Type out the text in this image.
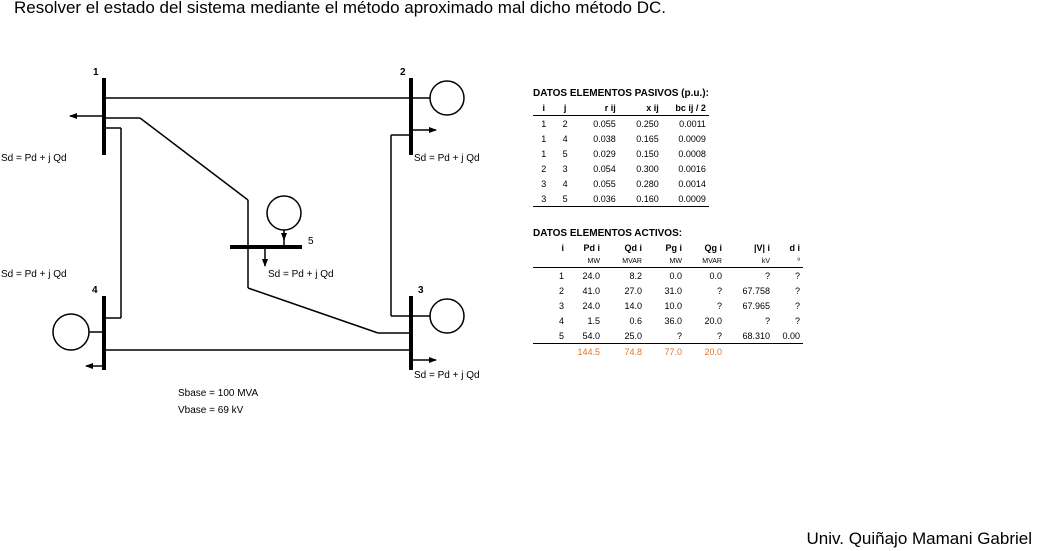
Resolver el estado del sistema mediante el método aproximado mal dicho método DC.
1	2
3
4
5
Sd = Pd + j Qd	Sd = Pd + j Qd
Sd = Pd + j Qd	Sd = Pd + j Qd
Sd = Pd + j Qd
Sbase = 100 MVA
Vbase = 69 kV
DATOS ELEMENTOS PASIVOS (p.u.):				
i	j	r ij	x ij	bc ij / 2
1	2	0.055	0.250	0.0011
1	4	0.038	0.165	0.0009
1	5	0.029	0.150	0.0008
2	3	0.054	0.300	0.0016
3	4	0.055	0.280	0.0014
3	5	0.036	0.160	0.0009
DATOS ELEMENTOS ACTIVOS:						
i	Pd i	Qd i	Pg i	Qg i	|V| i	d i
	MW	MVAR	MW	MVAR	kV	º
1	24.0	8.2	0.0	0.0	?	?
2	41.0	27.0	31.0	?	67.758	?
3	24.0	14.0	10.0	?	67.965	?
4	1.5	0.6	36.0	20.0	?	?
5	54.0	25.0	?	?	68.310	0.00
	144.5	74.8	77.0	20.0		
Univ. Quiñajo Mamani Gabriel
